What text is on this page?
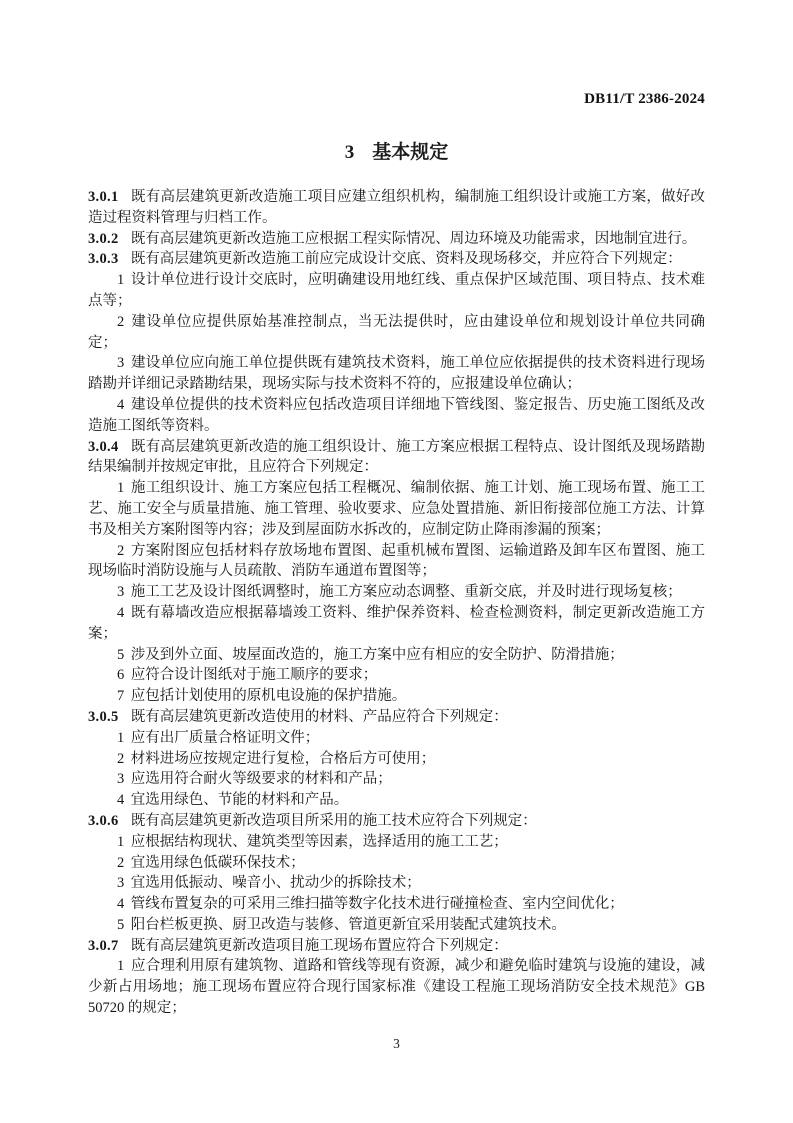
DB11/T 2386-2024
3 基本规定

3.0.1 既有高层建筑更新改造施工项目应建立组织机构，编制施工组织设计或施工方案，做好改造过程资料管理与归档工作。

3.0.2 既有高层建筑更新改造施工应根据工程实际情况、周边环境及功能需求，因地制宜进行。

3.0.3 既有高层建筑更新改造施工前应完成设计交底、资料及现场移交，并应符合下列规定：

1 设计单位进行设计交底时，应明确建设用地红线、重点保护区域范围、项目特点、技术难点等；

2 建设单位应提供原始基准控制点，当无法提供时，应由建设单位和规划设计单位共同确定；

3 建设单位应向施工单位提供既有建筑技术资料，施工单位应依据提供的技术资料进行现场踏勘并详细记录踏勘结果，现场实际与技术资料不符的，应报建设单位确认；

4 建设单位提供的技术资料应包括改造项目详细地下管线图、鉴定报告、历史施工图纸及改造施工图纸等资料。

3.0.4 既有高层建筑更新改造的施工组织设计、施工方案应根据工程特点、设计图纸及现场踏勘结果编制并按规定审批，且应符合下列规定：

1 施工组织设计、施工方案应包括工程概况、编制依据、施工计划、施工现场布置、施工工艺、施工安全与质量措施、施工管理、验收要求、应急处置措施、新旧衔接部位施工方法、计算书及相关方案附图等内容；涉及到屋面防水拆改的，应制定防止降雨渗漏的预案；

2 方案附图应包括材料存放场地布置图、起重机械布置图、运输道路及卸车区布置图、施工现场临时消防设施与人员疏散、消防车通道布置图等；

3 施工工艺及设计图纸调整时，施工方案应动态调整、重新交底，并及时进行现场复核；

4 既有幕墙改造应根据幕墙竣工资料、维护保养资料、检查检测资料，制定更新改造施工方案；

5 涉及到外立面、坡屋面改造的，施工方案中应有相应的安全防护、防滑措施；

6 应符合设计图纸对于施工顺序的要求；

7 应包括计划使用的原机电设施的保护措施。

3.0.5 既有高层建筑更新改造使用的材料、产品应符合下列规定：

1 应有出厂质量合格证明文件；

2 材料进场应按规定进行复检，合格后方可使用；

3 应选用符合耐火等级要求的材料和产品；

4 宜选用绿色、节能的材料和产品。

3.0.6 既有高层建筑更新改造项目所采用的施工技术应符合下列规定：

1 应根据结构现状、建筑类型等因素，选择适用的施工工艺；

2 宜选用绿色低碳环保技术；

3 宜选用低振动、噪音小、扰动少的拆除技术；

4 管线布置复杂的可采用三维扫描等数字化技术进行碰撞检查、室内空间优化；

5 阳台栏板更换、厨卫改造与装修、管道更新宜采用装配式建筑技术。

3.0.7 既有高层建筑更新改造项目施工现场布置应符合下列规定：

1 应合理利用原有建筑物、道路和管线等现有资源，减少和避免临时建筑与设施的建设，减少新占用场地；施工现场布置应符合现行国家标准《建设工程施工现场消防安全技术规范》GB 50720 的规定；

3
